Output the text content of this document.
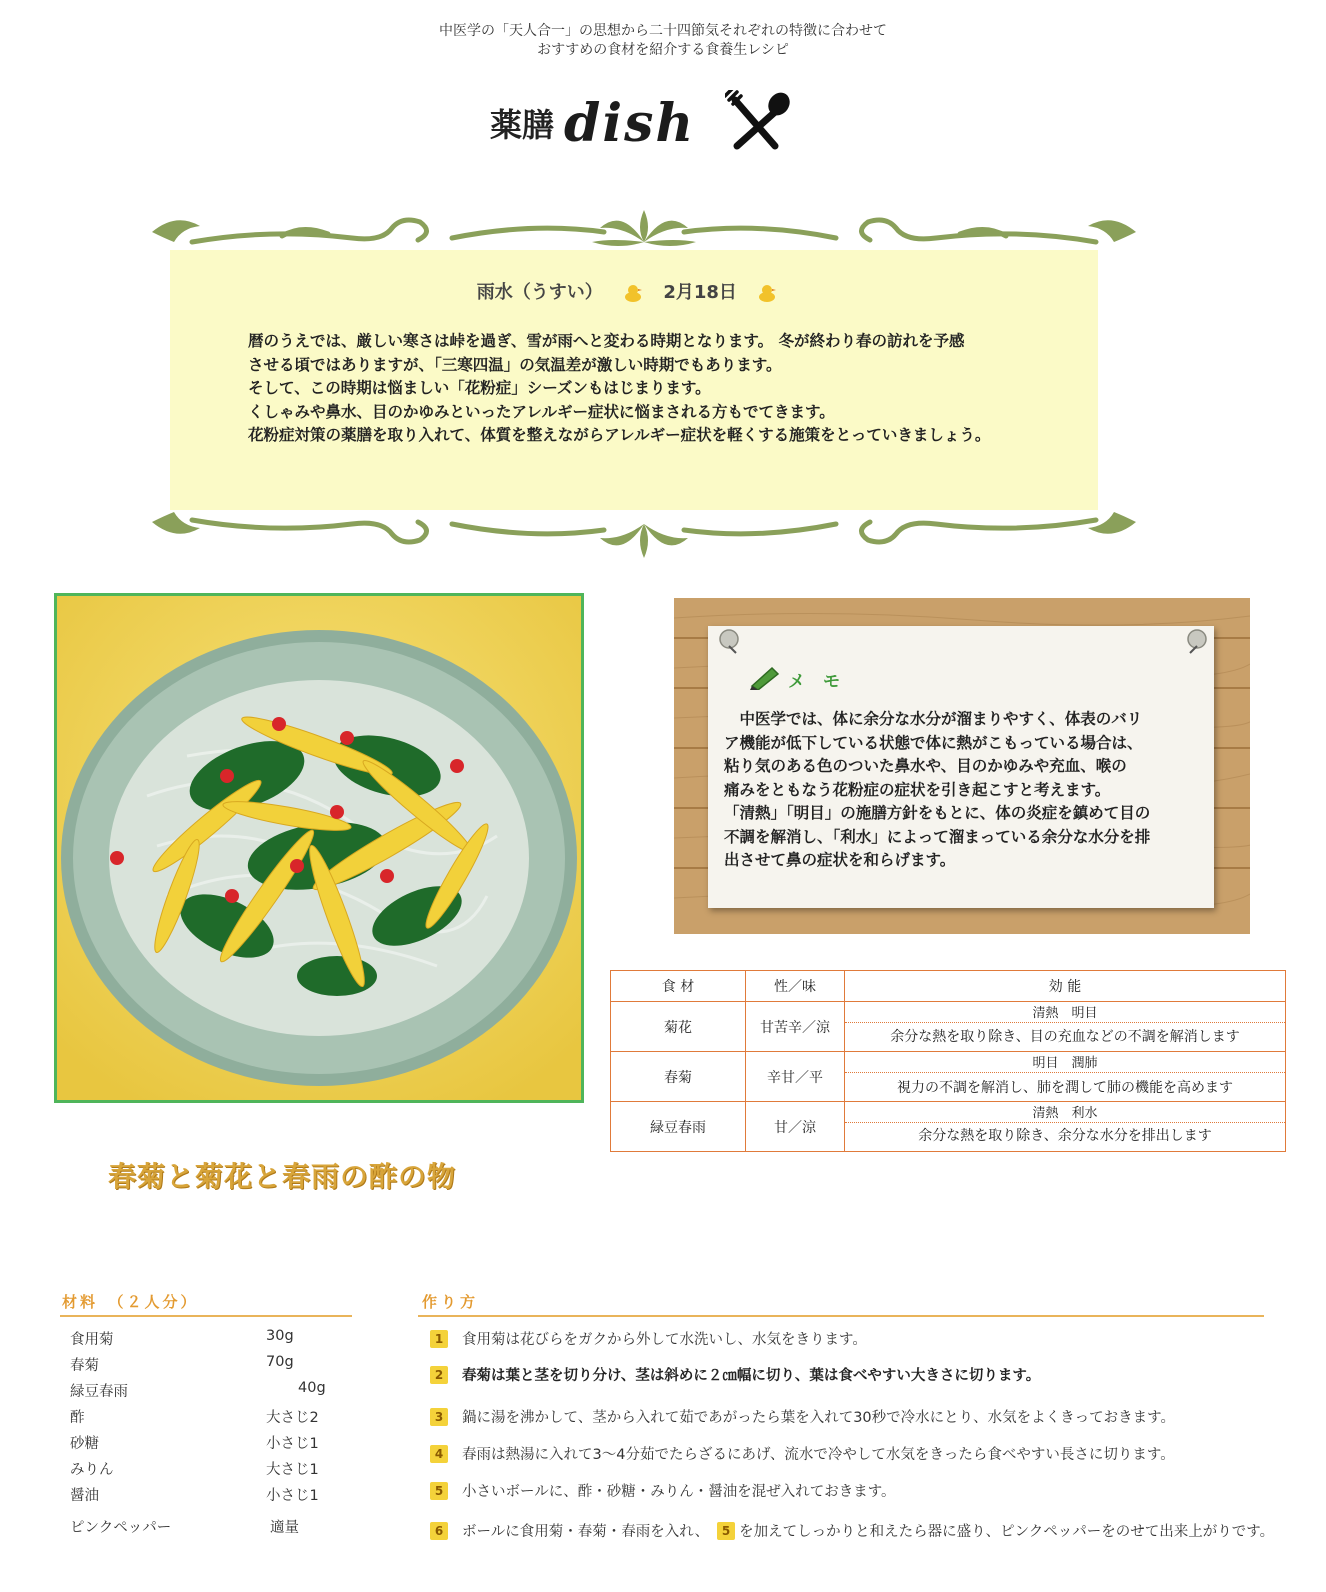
中医学の「天人合一」の思想から二十四節気それぞれの特徴に合わせて
おすすめの食材を紹介する食養生レシピ
薬膳 dish
雨水（うすい）	2月18日
暦のうえでは、厳しい寒さは峠を過ぎ、雪が雨へと変わる時期となります。 冬が終わり春の訪れを予感
させる頃ではありますが、「三寒四温」の気温差が激しい時期でもあります。
そして、この時期は悩ましい「花粉症」シーズンもはじまります。
くしゃみや鼻水、目のかゆみといったアレルギー症状に悩まされる方もでてきます。
花粉症対策の薬膳を取り入れて、体質を整えながらアレルギー症状を軽くする施策をとっていきましょう。
春菊と菊花と春雨の酢の物
メモ
　中医学では、体に余分な水分が溜まりやすく、体表のバリ
ア機能が低下している状態で体に熱がこもっている場合は、
粘り気のある色のついた鼻水や、目のかゆみや充血、喉の
痛みをともなう花粉症の症状を引き起こすと考えます。
「清熱」「明目」の施膳方針をもとに、体の炎症を鎮めて目の
不調を解消し、「利水」によって溜まっている余分な水分を排
出させて鼻の症状を和らげます。
食 材	性／味	効 能
菊花	甘苦辛／涼	清熱　明目
余分な熱を取り除き、目の充血などの不調を解消します

春菊	辛甘／平	明目　潤肺
視力の不調を解消し、肺を潤して肺の機能を高めます

緑豆春雨	甘／涼	清熱　利水
余分な熱を取り除き、余分な水分を排出します
材料　（２人分）
食用菊	30g
春菊	70g
緑豆春雨	40g
酢	大さじ2
砂糖	小さじ1
みりん	大さじ1
醤油	小さじ1
ピンクペッパー	適量
作り方
1	食用菊は花びらをガクから外して水洗いし、水気をきります。
2	春菊は葉と茎を切り分け、茎は斜めに２㎝幅に切り、葉は食べやすい大きさに切ります。
3	鍋に湯を沸かして、茎から入れて茹であがったら葉を入れて30秒で冷水にとり、水気をよくきっておきます。
4	春雨は熱湯に入れて3～4分茹でたらざるにあげ、流水で冷やして水気をきったら食べやすい長さに切ります。
5	小さいボールに、酢・砂糖・みりん・醤油を混ぜ入れておきます。
6	ボールに食用菊・春菊・春雨を入れ、	5 を加えてしっかりと和えたら器に盛り、ピンクペッパーをのせて出来上がりです。
